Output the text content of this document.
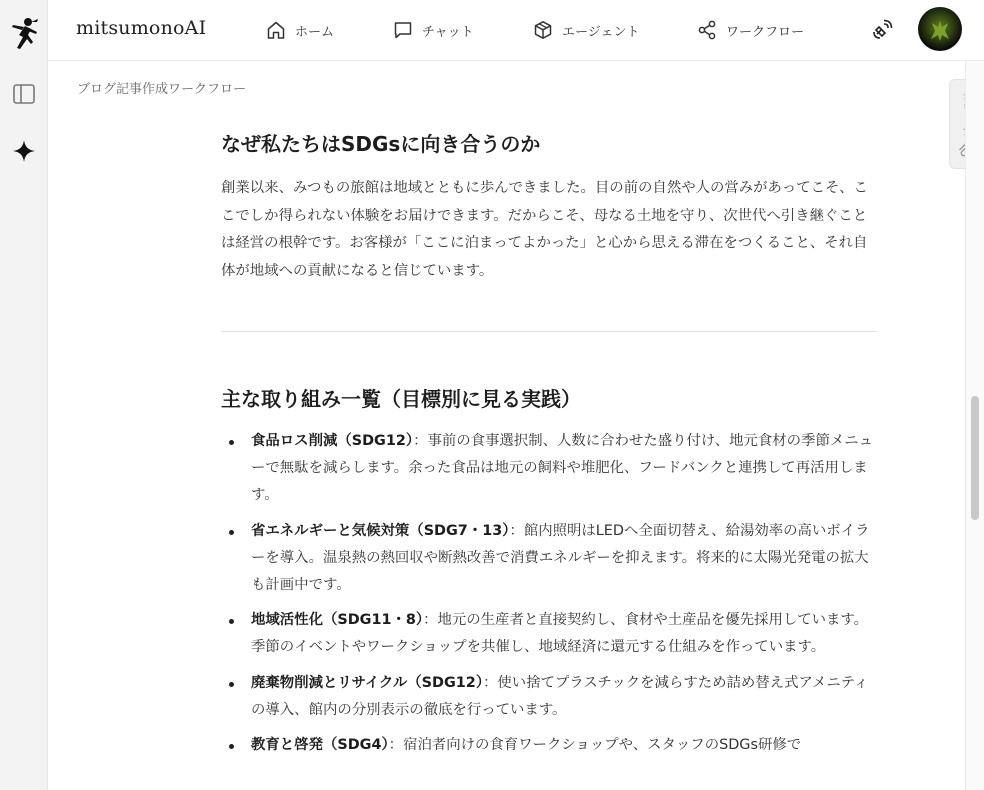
mitsumonoAI	ホーム	チャット	エージェント	ワークフロー
ブログ記事作成ワークフロー
なぜ私たちはSDGsに向き合うのか

創業以来、みつもの旅館は地域とともに歩んできました。目の前の自然や人の営みがあってこそ、ここでしか得られない体験をお届けできます。だからこそ、母なる土地を守り、次世代へ引き継ぐことは経営の根幹です。お客様が「ここに泊まってよかった」と心から思える滞在をつくること、それ自体が地域への貢献になると信じています。

主な取り組み一覧（目標別に見る実践）
食品ロス削減（SDG12）：事前の食事選択制、人数に合わせた盛り付け、地元食材の季節メニューで無駄を減らします。余った食品は地元の飼料や堆肥化、フードバンクと連携して再活用します。
省エネルギーと気候対策（SDG7・13）：館内照明はLEDへ全面切替え、給湯効率の高いボイラーを導入。温泉熱の熱回収や断熱改善で消費エネルギーを抑えます。将来的に太陽光発電の拡大も計画中です。
地域活性化（SDG11・8）：地元の生産者と直接契約し、食材や土産品を優先採用しています。季節のイベントやワークショップを共催し、地域経済に還元する仕組みを作っています。
廃棄物削減とリサイクル（SDG12）：使い捨てプラスチックを減らすため詰め替え式アメニティの導入、館内の分別表示の徹底を行っています。
教育と啓発（SDG4）：宿泊者向けの食育ワークショップや、スタッフのSDGs研修で
